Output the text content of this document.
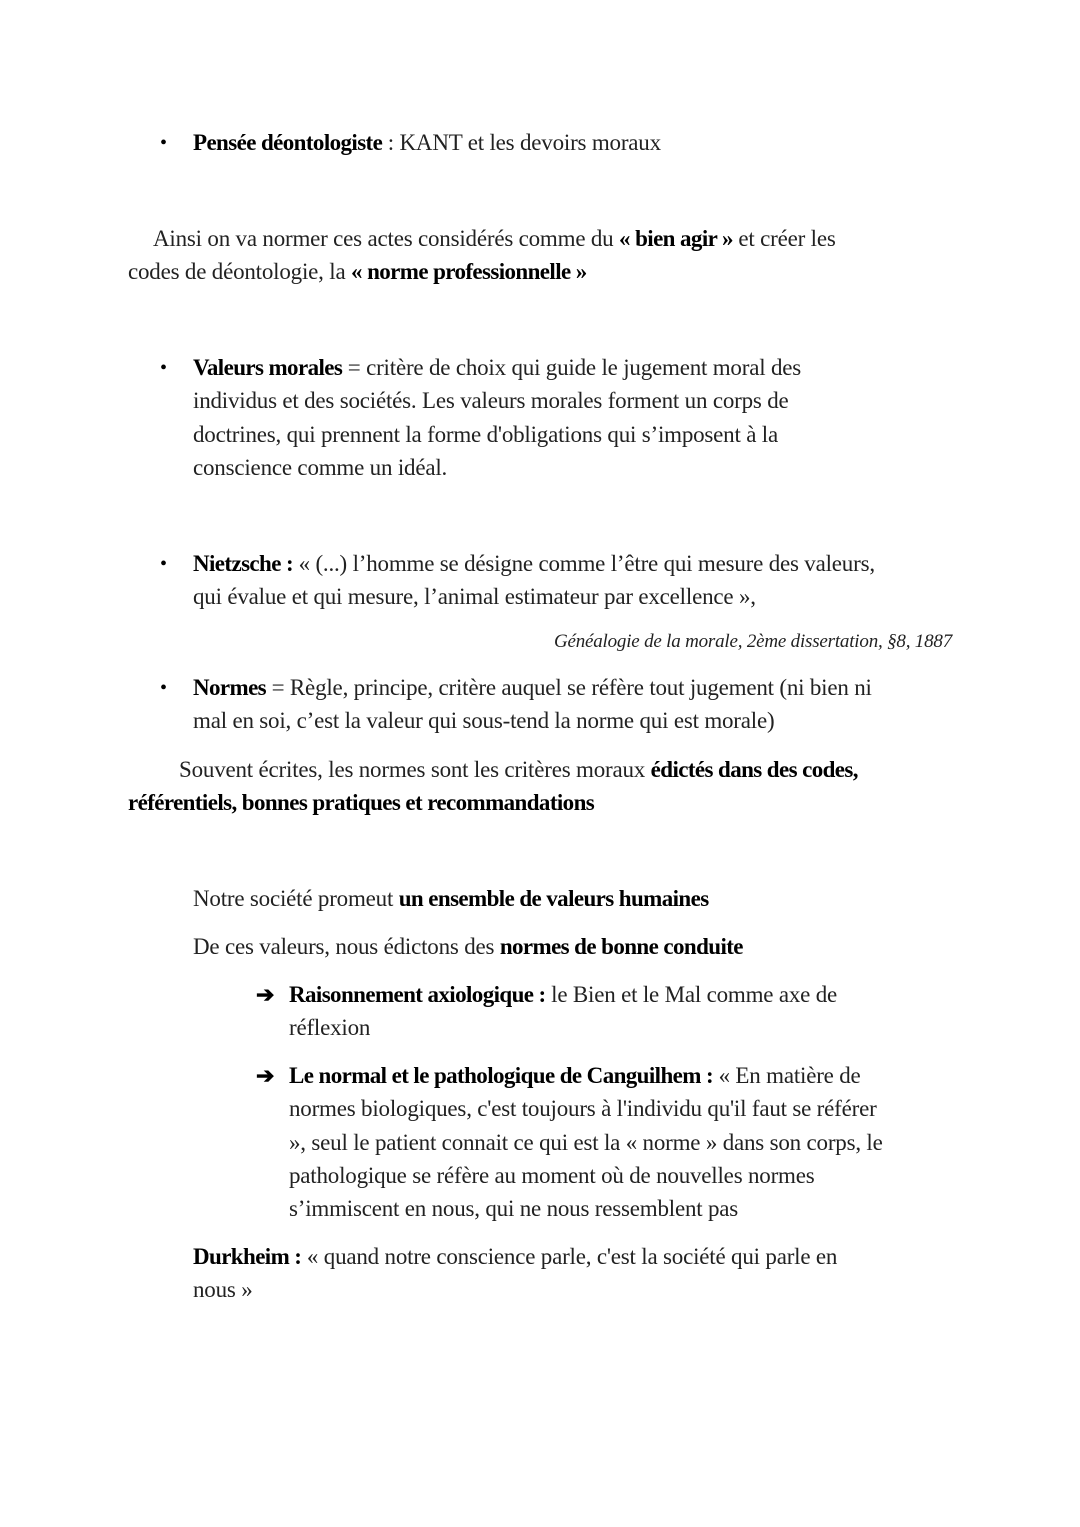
• Pensée déontologiste : KANT et les devoirs moraux
Ainsi on va normer ces actes considérés comme du « bien agir » et créer les
codes de déontologie, la « norme professionnelle »
• Valeurs morales = critère de choix qui guide le jugement moral des
individus et des sociétés. Les valeurs morales forment un corps de
doctrines, qui prennent la forme d'obligations qui s’imposent à la
conscience comme un idéal.
• Nietzsche : « (...) l’homme se désigne comme l’être qui mesure des valeurs,
qui évalue et qui mesure, l’animal estimateur par excellence »,
Généalogie de la morale, 2ème dissertation, §8, 1887
• Normes = Règle, principe, critère auquel se réfère tout jugement (ni bien ni
mal en soi, c’est la valeur qui sous-tend la norme qui est morale)
Souvent écrites, les normes sont les critères moraux édictés dans des codes,
référentiels, bonnes pratiques et recommandations
Notre société promeut un ensemble de valeurs humaines
De ces valeurs, nous édictons des normes de bonne conduite
➔ Raisonnement axiologique : le Bien et le Mal comme axe de
réflexion
➔ Le normal et le pathologique de Canguilhem : « En matière de
normes biologiques, c'est toujours à l'individu qu'il faut se référer
», seul le patient connait ce qui est la « norme » dans son corps, le
pathologique se réfère au moment où de nouvelles normes
s’immiscent en nous, qui ne nous ressemblent pas
Durkheim : « quand notre conscience parle, c'est la société qui parle en
nous »
